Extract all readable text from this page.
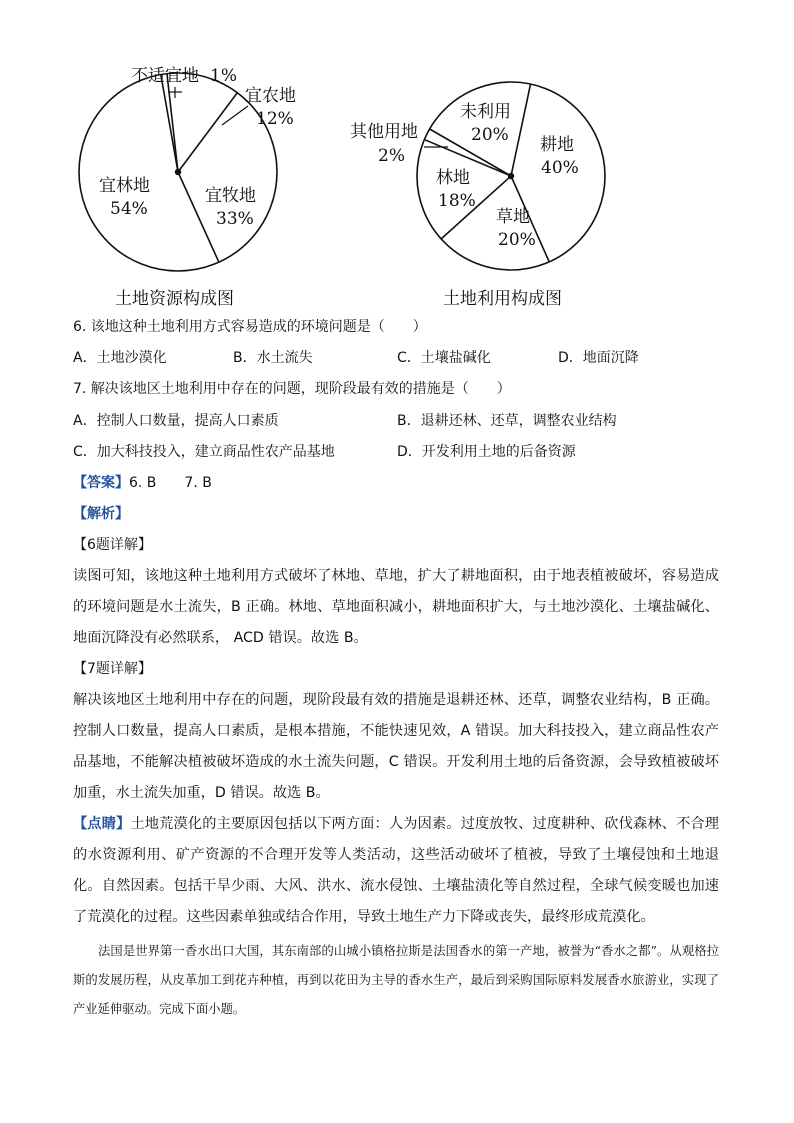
不适宜地 1%
宜农地
12%
宜牧地
33%
宜林地
54%
耕地
40%
草地
20%
林地
18%
其他用地
2%
未利用
20%
土地资源构成图	土地利用构成图
6. 该地这种土地利用方式容易造成的环境问题是（　　）
A．土地沙漠化	B．水土流失	C．土壤盐碱化	D．地面沉降
7. 解决该地区土地利用中存在的问题，现阶段最有效的措施是（　　）
A．控制人口数量，提高人口素质	B．退耕还林、还草，调整农业结构
C．加大科技投入，建立商品性农产品基地	D．开发利用土地的后备资源
【答案】6. B　　7. B
【解析】
【6题详解】
读图可知，该地这种土地利用方式破坏了林地、草地，扩大了耕地面积，由于地表植被破坏，容易造成的环境问题是水土流失，B 正确。林地、草地面积减小，耕地面积扩大，与土地沙漠化、土壤盐碱化、地面沉降没有必然联系， ACD 错误。故选 B。
【7题详解】
解决该地区土地利用中存在的问题，现阶段最有效的措施是退耕还林、还草，调整农业结构，B 正确。控制人口数量，提高人口素质，是根本措施，不能快速见效，A 错误。加大科技投入，建立商品性农产品基地，不能解决植被破坏造成的水土流失问题，C 错误。开发利用土地的后备资源，会导致植被破坏加重，水土流失加重，D 错误。故选 B。
【点睛】土地荒漠化的主要原因包括以下两方面：人为因素。过度放牧、过度耕种、砍伐森林、不合理的水资源利用、矿产资源的不合理开发等人类活动，这些活动破坏了植被，导致了土壤侵蚀和土地退化。自然因素。包括干旱少雨、大风、洪水、流水侵蚀、土壤盐渍化等自然过程，全球气候变暖也加速了荒漠化的过程。这些因素单独或结合作用，导致土地生产力下降或丧失，最终形成荒漠化。
法国是世界第一香水出口大国，其东南部的山城小镇格拉斯是法国香水的第一产地，被誉为“香水之都”。从观格拉斯的发展历程，从皮革加工到花卉种植，再到以花田为主导的香水生产，最后到采购国际原料发展香水旅游业，实现了产业延伸驱动。完成下面小题。
